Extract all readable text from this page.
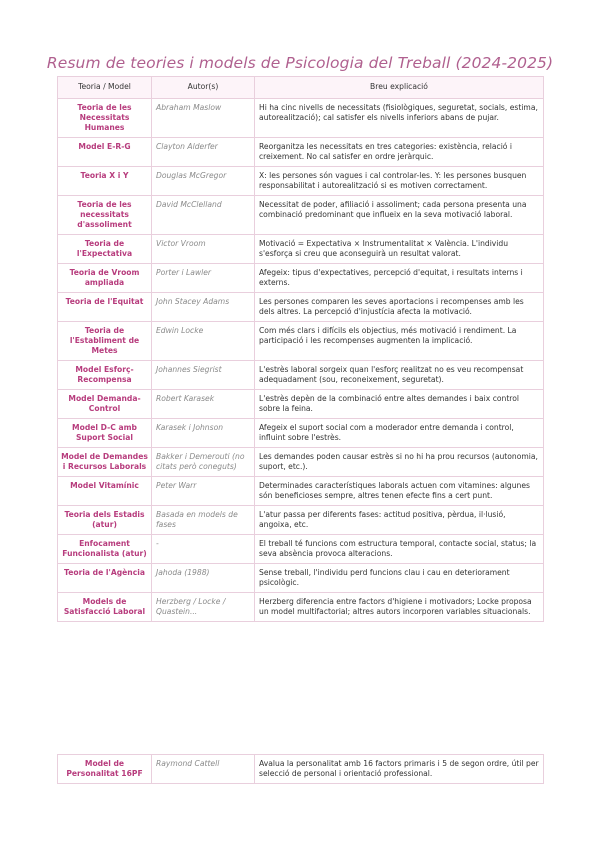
Resum de teories i models de Psicologia del Treball (2024-2025)
Teoria / Model	Autor(s)	Breu explicació
Teoria de les Necessitats Humanes	Abraham Maslow	Hi ha cinc nivells de necessitats (fisiològiques, seguretat, socials, estima, autorealització); cal satisfer els nivells inferiors abans de pujar.
Model E-R-G	Clayton Alderfer	Reorganitza les necessitats en tres categories: existència, relació i creixement. No cal satisfer en ordre jeràrquic.
Teoria X i Y	Douglas McGregor	X: les persones són vagues i cal controlar-les. Y: les persones busquen responsabilitat i autorealització si es motiven correctament.
Teoria de les necessitats d'assoliment	David McClelland	Necessitat de poder, afiliació i assoliment; cada persona presenta una combinació predominant que influeix en la seva motivació laboral.
Teoria de l'Expectativa	Victor Vroom	Motivació = Expectativa × Instrumentalitat × València. L'individu s'esforça si creu que aconseguirà un resultat valorat.
Teoria de Vroom ampliada	Porter i Lawler	Afegeix: tipus d'expectatives, percepció d'equitat, i resultats interns i externs.
Teoria de l'Equitat	John Stacey Adams	Les persones comparen les seves aportacions i recompenses amb les dels altres. La percepció d'injustícia afecta la motivació.
Teoria de l'Establiment de Metes	Edwin Locke	Com més clars i difícils els objectius, més motivació i rendiment. La participació i les recompenses augmenten la implicació.
Model Esforç-Recompensa	Johannes Siegrist	L'estrès laboral sorgeix quan l'esforç realitzat no es veu recompensat adequadament (sou, reconeixement, seguretat).
Model Demanda-Control	Robert Karasek	L'estrès depèn de la combinació entre altes demandes i baix control sobre la feina.
Model D-C amb Suport Social	Karasek i Johnson	Afegeix el suport social com a moderador entre demanda i control, influint sobre l'estrès.
Model de Demandes i Recursos Laborals	Bakker i Demerouti (no citats però coneguts)	Les demandes poden causar estrès si no hi ha prou recursos (autonomia, suport, etc.).
Model Vitamínic	Peter Warr	Determinades característiques laborals actuen com vitamines: algunes són beneficioses sempre, altres tenen efecte fins a cert punt.
Teoria dels Estadis (atur)	Basada en models de fases	L'atur passa per diferents fases: actitud positiva, pèrdua, il·lusió, angoixa, etc.
Enfocament Funcionalista (atur)	-	El treball té funcions com estructura temporal, contacte social, status; la seva absència provoca alteracions.
Teoria de l'Agència	Jahoda (1988)	Sense treball, l'individu perd funcions clau i cau en deteriorament psicològic.
Models de Satisfacció Laboral	Herzberg / Locke / Quastein...	Herzberg diferencia entre factors d'higiene i motivadors; Locke proposa un model multifactorial; altres autors incorporen variables situacionals.
Model de Personalitat 16PF	Raymond Cattell	Avalua la personalitat amb 16 factors primaris i 5 de segon ordre, útil per selecció de personal i orientació professional.
